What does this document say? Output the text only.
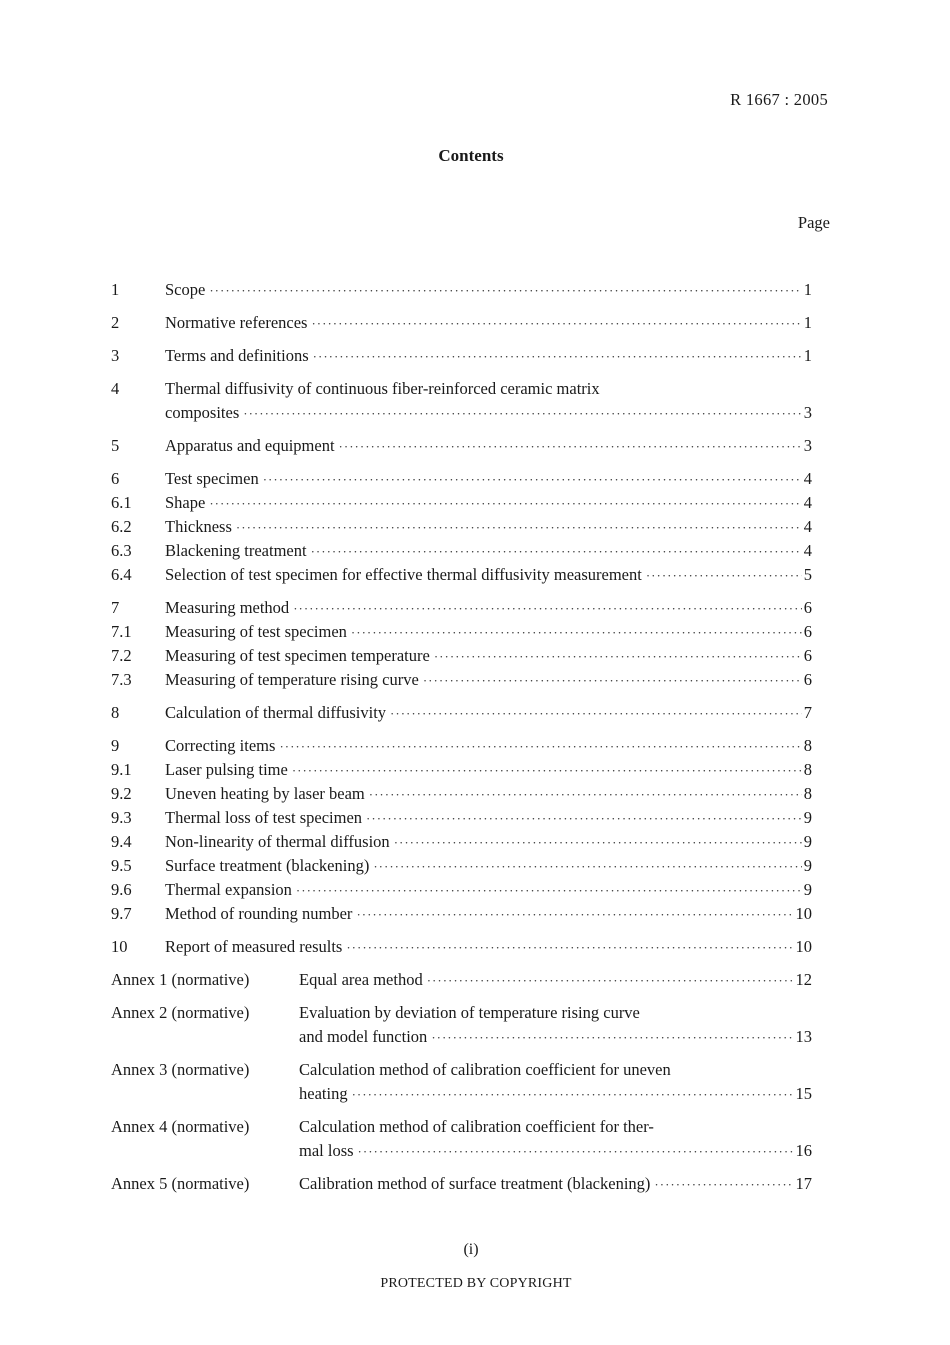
R 1667 : 2005
Contents
Page
1	Scope ·····	1
2	Normative references ·····	1
3	Terms and definitions ·····	1
4	Thermal diffusivity of continuous fiber-reinforced ceramic matrix
composites ·····	3
5	Apparatus and equipment ·····	3
6	Test specimen ·····	4
6.1	Shape ·····	4
6.2	Thickness ·····	4
6.3	Blackening treatment ·····	4
6.4	Selection of test specimen for effective thermal diffusivity measurement ·····	5
7	Measuring method ·····	6
7.1	Measuring of test specimen ·····	6
7.2	Measuring of test specimen temperature ·····	6
7.3	Measuring of temperature rising curve ·····	6
8	Calculation of thermal diffusivity ·····	7
9	Correcting items ·····	8
9.1	Laser pulsing time ·····	8
9.2	Uneven heating by laser beam ·····	8
9.3	Thermal loss of test specimen ·····	9
9.4	Non-linearity of thermal diffusion ·····	9
9.5	Surface treatment (blackening) ·····	9
9.6	Thermal expansion ·····	9
9.7	Method of rounding number ·····	10
10	Report of measured results ·····	10
Annex 1 (normative)	Equal area method ·····	12
Annex 2 (normative)	Evaluation by deviation of temperature rising curve
and model function ·····	13
Annex 3 (normative)	Calculation method of calibration coefficient for uneven
heating ·····	15
Annex 4 (normative)	Calculation method of calibration coefficient for ther-
mal loss ·····	16
Annex 5 (normative)	Calibration method of surface treatment (blackening) ·····	17
(i)
PROTECTED BY COPYRIGHT
